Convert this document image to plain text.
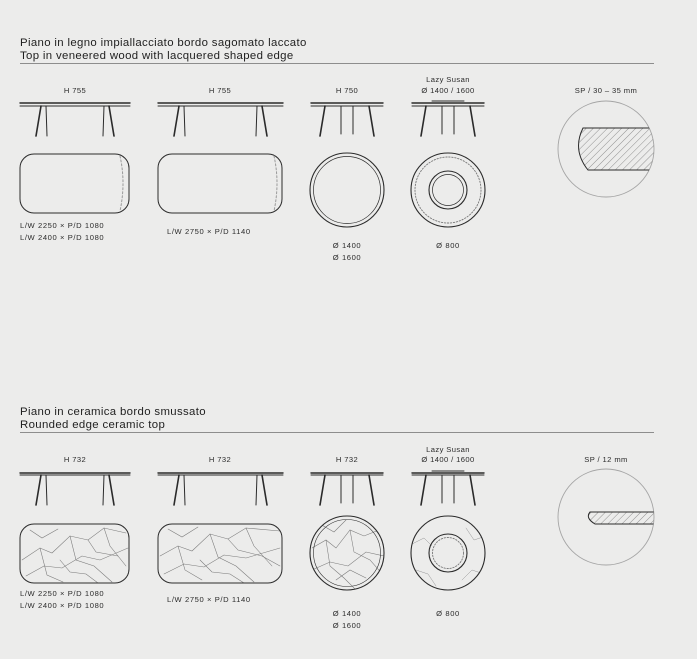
Piano in legno impiallacciato bordo sagomato laccato
Top in veneered wood with lacquered shaped edge
H 755	H 755	H 750
Lazy Susan
Ø 1400 / 1600	SP / 30 – 35 mm
L/W 2250 × P/D 1080
L/W 2400 × P/D 1080
L/W 2750 × P/D 1140
Ø 1400
Ø 1600
Ø 800
Piano in ceramica bordo smussato
Rounded edge ceramic top
H 732	H 732	H 732
Lazy Susan
Ø 1400 / 1600	SP / 12 mm
L/W 2250 × P/D 1080
L/W 2400 × P/D 1080
L/W 2750 × P/D 1140
Ø 1400
Ø 1600
Ø 800
